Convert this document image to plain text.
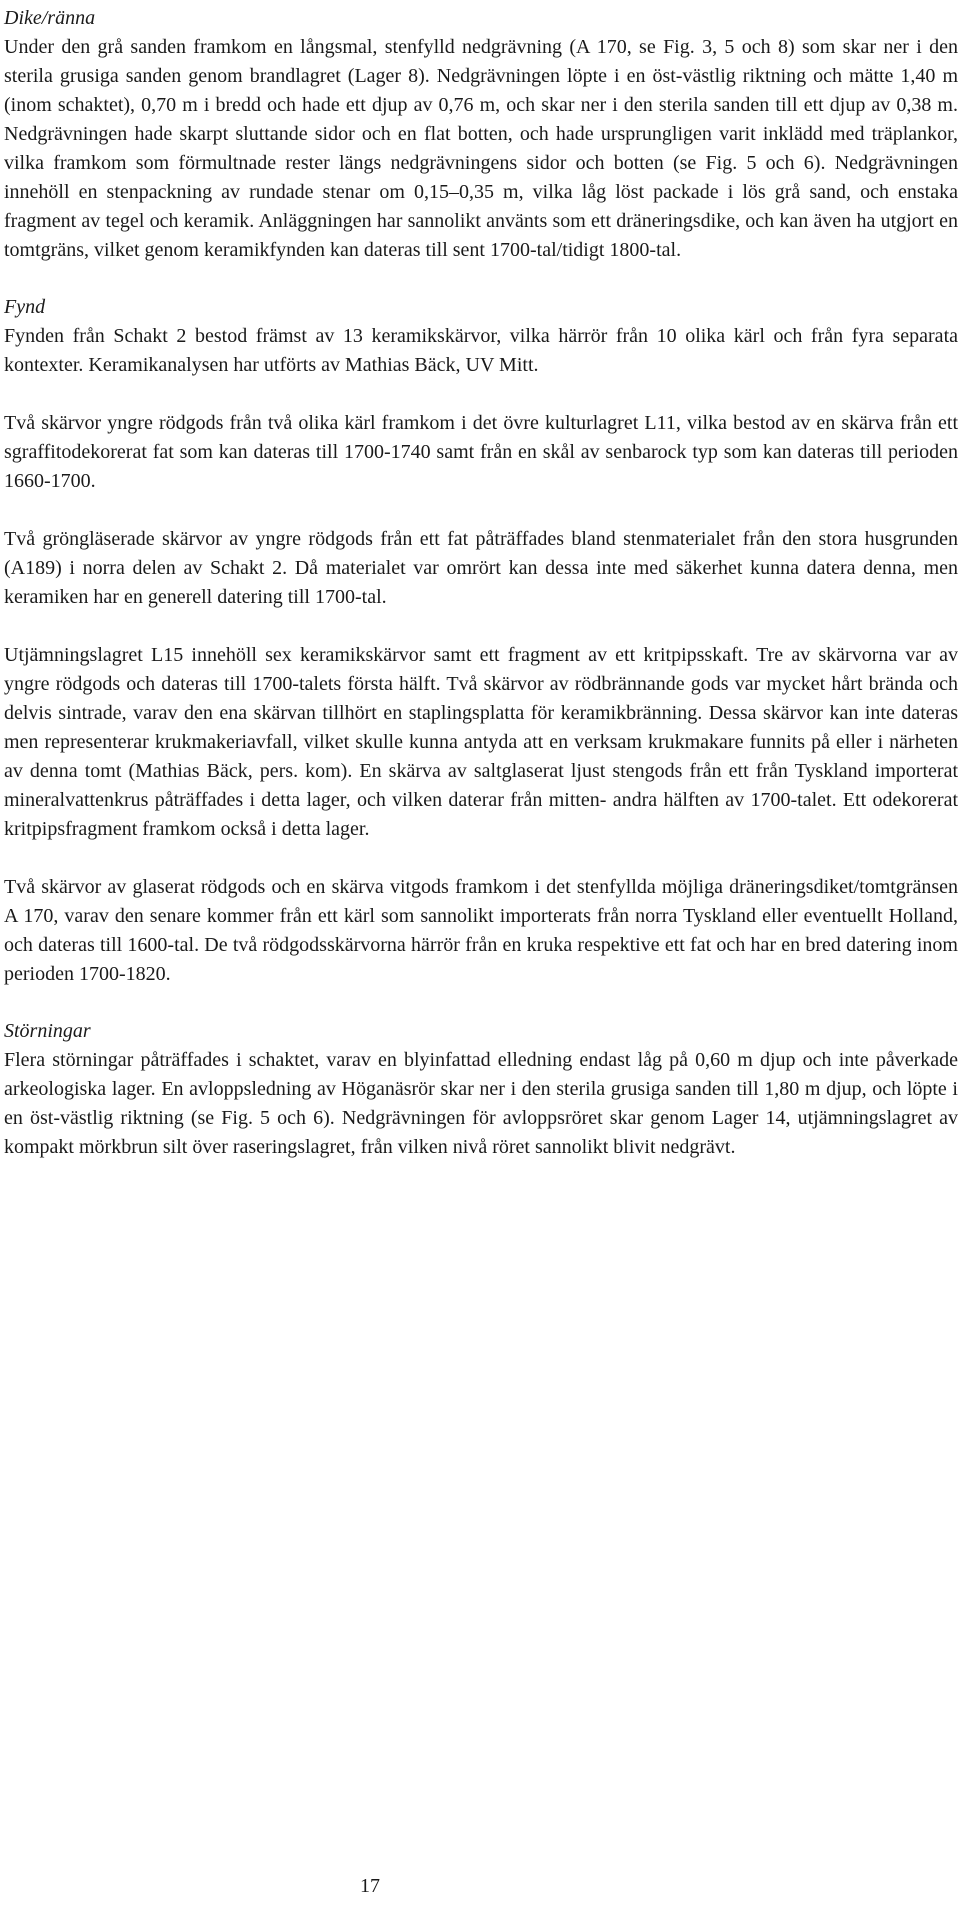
Dike/ränna

Under den grå sanden framkom en långsmal, stenfylld nedgrävning (A 170, se Fig. 3, 5 och 8) som skar ner i den sterila grusiga sanden genom brandlagret (Lager 8). Nedgrävningen löpte i en öst-västlig riktning och mätte 1,40 m (inom schaktet), 0,70 m i bredd och hade ett djup av 0,76 m, och skar ner i den sterila sanden till ett djup av 0,38 m. Nedgrävningen hade skarpt sluttande sidor och en flat botten, och hade ursprungligen varit inklädd med träplankor, vilka framkom som förmultnade rester längs nedgrävningens sidor och botten (se Fig. 5 och 6). Nedgrävningen innehöll en stenpackning av rundade stenar om 0,15–0,35 m, vilka låg löst packade i lös grå sand, och enstaka fragment av tegel och keramik. Anläggningen har sannolikt använts som ett dräneringsdike, och kan även ha utgjort en tomtgräns, vilket genom keramikfynden kan dateras till sent 1700-tal/tidigt 1800-tal.

Fynd

Fynden från Schakt 2 bestod främst av 13 keramikskärvor, vilka härrör från 10 olika kärl och från fyra separata kontexter. Keramikanalysen har utförts av Mathias Bäck, UV Mitt.

Två skärvor yngre rödgods från två olika kärl framkom i det övre kulturlagret L11, vilka bestod av en skärva från ett sgraffitodekorerat fat som kan dateras till 1700-1740 samt från en skål av senbarock typ som kan dateras till perioden 1660-1700.

Två gröngläserade skärvor av yngre rödgods från ett fat påträffades bland stenmaterialet från den stora husgrunden (A189) i norra delen av Schakt 2. Då materialet var omrört kan dessa inte med säkerhet kunna datera denna, men keramiken har en generell datering till 1700-tal.

Utjämningslagret L15 innehöll sex keramikskärvor samt ett fragment av ett kritpipsskaft. Tre av skärvorna var av yngre rödgods och dateras till 1700-talets första hälft. Två skärvor av rödbrännande gods var mycket hårt brända och delvis sintrade, varav den ena skärvan tillhört en staplingsplatta för keramikbränning. Dessa skärvor kan inte dateras men representerar krukmakeriavfall, vilket skulle kunna antyda att en verksam krukmakare funnits på eller i närheten av denna tomt (Mathias Bäck, pers. kom). En skärva av saltglaserat ljust stengods från ett från Tyskland importerat mineralvattenkrus påträffades i detta lager, och vilken daterar från mitten- andra hälften av 1700-talet. Ett odekorerat kritpipsfragment framkom också i detta lager.

Två skärvor av glaserat rödgods och en skärva vitgods framkom i det stenfyllda möjliga dräneringsdiket/tomtgränsen A 170, varav den senare kommer från ett kärl som sannolikt importerats från norra Tyskland eller eventuellt Holland, och dateras till 1600-tal. De två rödgodsskärvorna härrör från en kruka respektive ett fat och har en bred datering inom perioden 1700-1820.

Störningar

Flera störningar påträffades i schaktet, varav en blyinfattad elledning endast låg på 0,60 m djup och inte påverkade arkeologiska lager. En avloppsledning av Höganäsrör skar ner i den sterila grusiga sanden till 1,80 m djup, och löpte i en öst-västlig riktning (se Fig. 5 och 6). Nedgrävningen för avloppsröret skar genom Lager 14, utjämningslagret av kompakt mörkbrun silt över raseringslagret, från vilken nivå röret sannolikt blivit nedgrävt.

17
